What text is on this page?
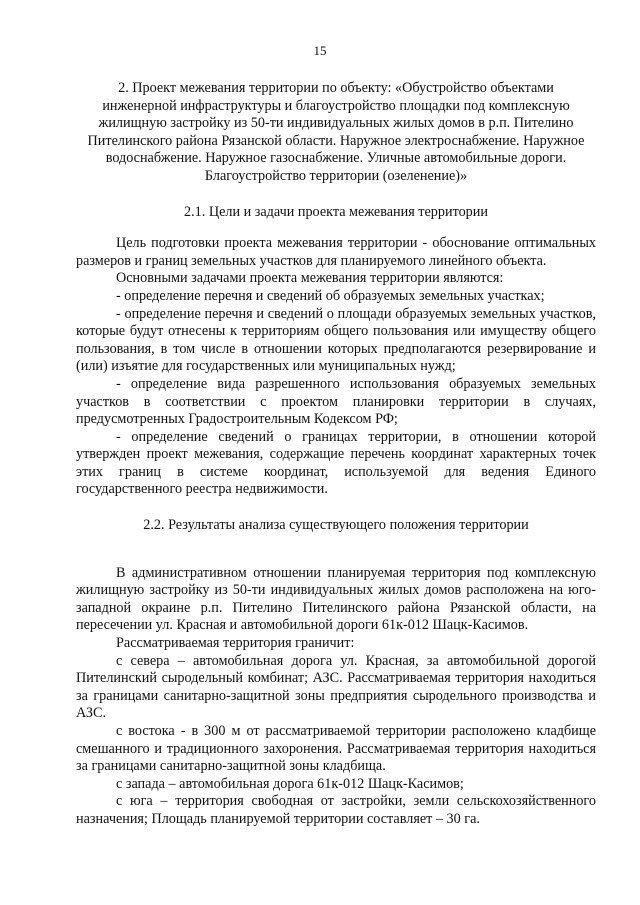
15
2. Проект межевания территории по объекту: «Обустройство объектами
инженерной инфраструктуры и благоустройство площадки под комплексную
жилищную застройку из 50-ти индивидуальных жилых домов в р.п. Пителино
Пителинского района Рязанской области. Наружное электроснабжение. Наружное
водоснабжение. Наружное газоснабжение. Уличные автомобильные дороги.
Благоустройство территории (озеленение)»
2.1. Цели и задачи проекта межевания территории

Цель подготовки проекта межевания территории - обоснование оптимальных размеров и границ земельных участков для планируемого линейного объекта.

Основными задачами проекта межевания территории являются:

- определение перечня и сведений об образуемых земельных участках;

- определение перечня и сведений о площади образуемых земельных участков, которые будут отнесены к территориям общего пользования или имуществу общего пользования, в том числе в отношении которых предполагаются резервирование и (или) изъятие для государственных или муниципальных нужд;

- определение вида разрешенного использования образуемых земельных участков в соответствии с проектом планировки территории в случаях, предусмотренных Градостроительным Кодексом РФ;

- определение сведений о границах территории, в отношении которой утвержден проект межевания, содержащие перечень координат характерных точек этих границ в системе координат, используемой для ведения Единого государственного реестра недвижимости.

2.2. Результаты анализа существующего положения территории

В административном отношении планируемая территория под комплексную жилищную застройку из 50-ти индивидуальных жилых домов расположена на юго-западной окраине р.п. Пителино Пителинского района Рязанской области, на пересечении ул. Красная и автомобильной дороги 61к-012 Шацк-Касимов.

Рассматриваемая территория граничит:

с севера – автомобильная дорога ул. Красная, за автомобильной дорогой Пителинский сыродельный комбинат; АЗС. Рассматриваемая территория находиться за границами санитарно-защитной зоны предприятия сыродельного производства и АЗС.

с востока - в 300 м от рассматриваемой территории расположено кладбище смешанного и традиционного захоронения. Рассматриваемая территория находиться за границами санитарно-защитной зоны кладбища.

с запада – автомобильная дорога 61к-012 Шацк-Касимов;

с юга – территория свободная от застройки, земли сельскохозяйственного назначения; Площадь планируемой территории составляет – 30 га.
